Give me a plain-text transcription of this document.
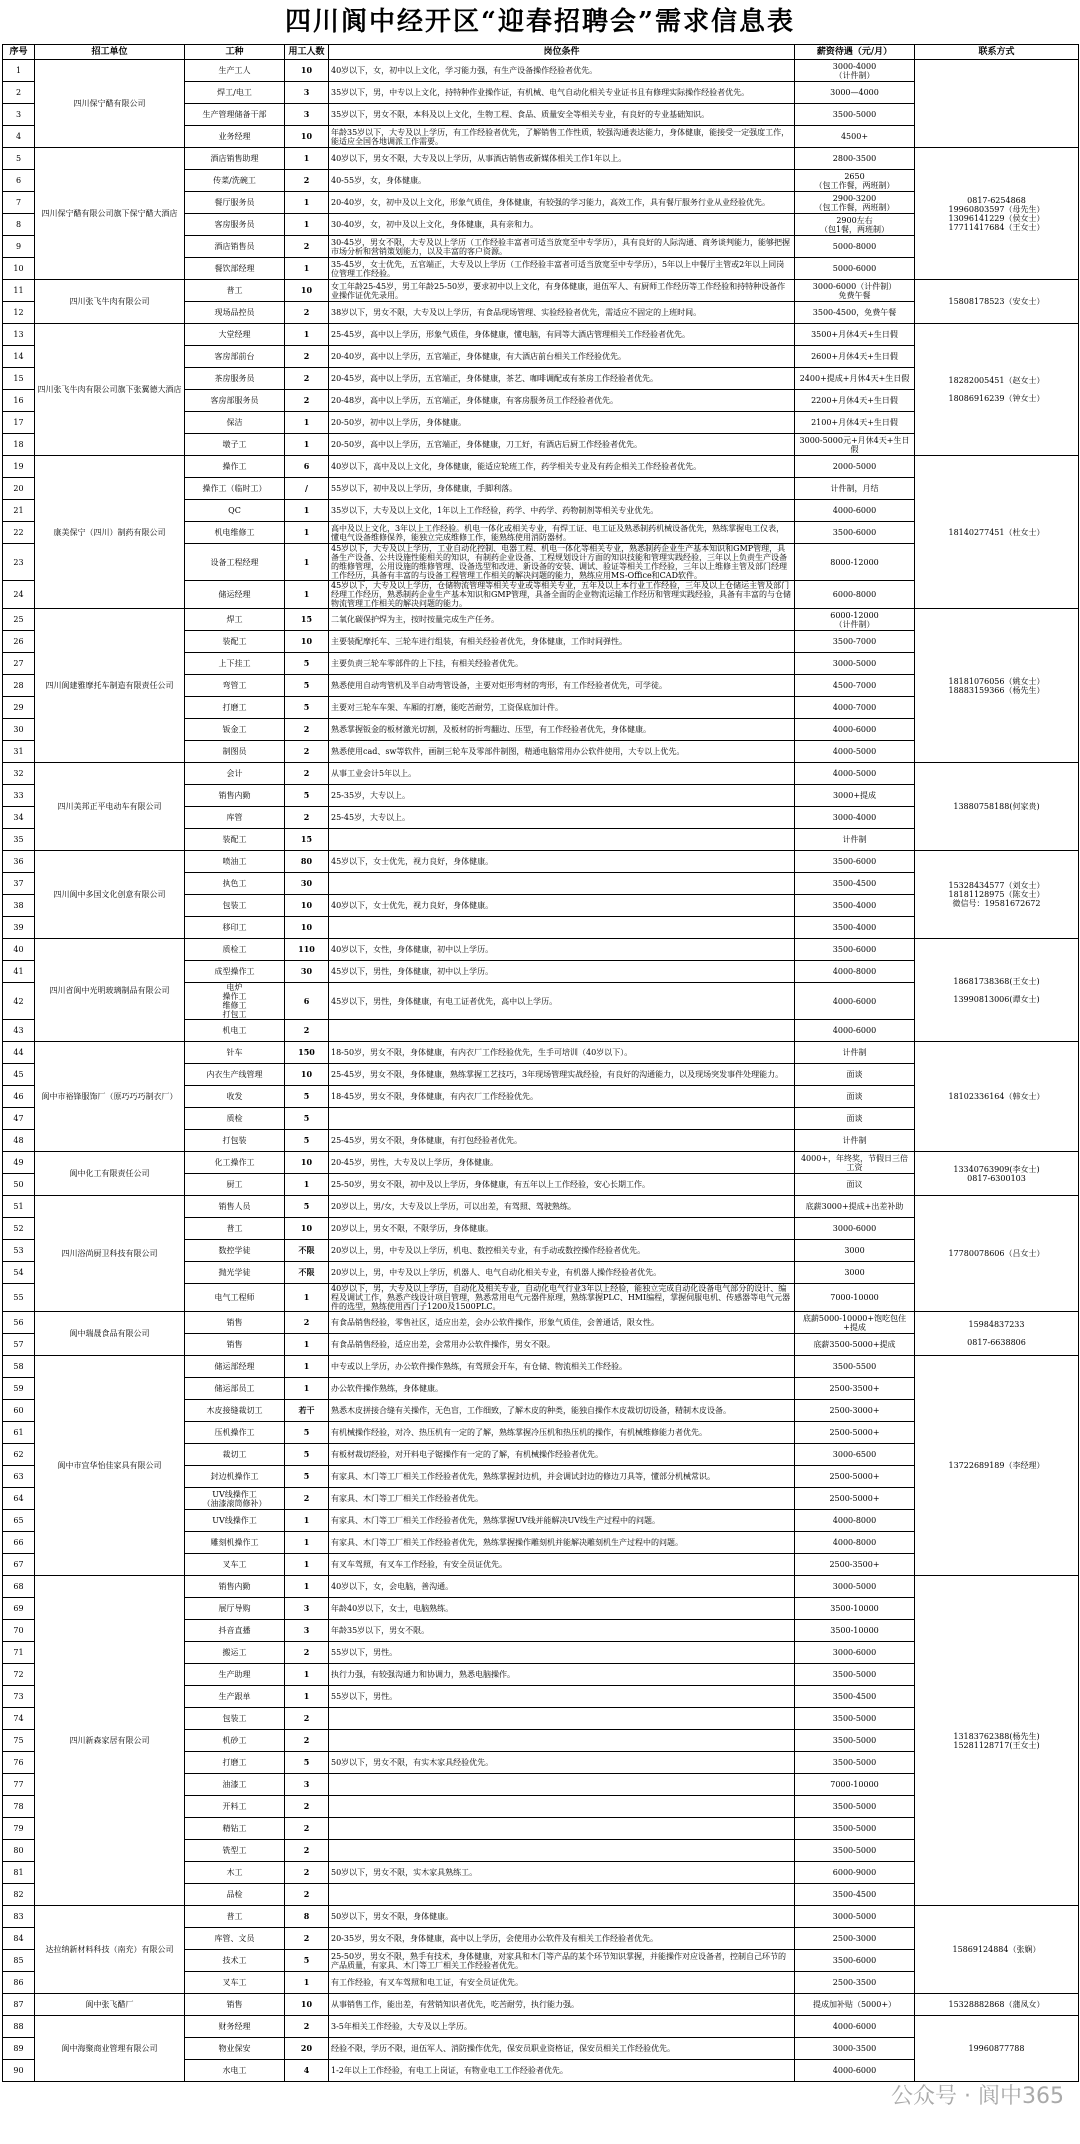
四川阆中经开区“迎春招聘会”需求信息表
序号	招工单位	工种	用工人数	岗位条件	薪资待遇（元/月）	联系方式
1	四川保宁醋有限公司	生产工人	10	40岁以下，女，初中以上文化，学习能力强，有生产设备操作经验者优先。	3000-4000
（计件制）	
2		焊工/电工	3	35岁以下，男，中专以上文化，持特种作业操作证，有机械、电气自动化相关专业证书且有修理实际操作经验者优先。	3000—4000	
3		生产管理储备干部	3	35岁以下，男女不限，本科及以上文化，生物工程、食品、质量安全等相关专业，有良好的专业基础知识。	3500-5000	
4		业务经理	10	年龄35岁以下，大专及以上学历，有工作经验者优先，了解销售工作性质，较强沟通表达能力，身体健康，能接受一定强度工作，能适应全国各地调派工作需要。	4500+	
5	四川保宁醋有限公司旗下保宁醋大酒店	酒店销售助理	1	40岁以下，男女不限，大专及以上学历，从事酒店销售或新媒体相关工作1年以上。	2800-3500	0817-6254868
19960803597（母先生）
13096141229（侯女士）
17711417684（王女士）
6		传菜/洗碗工	2	40-55岁，女，身体健康。	2650
（包工作餐，两班制）	
7		餐厅服务员	1	20-40岁，女，初中及以上文化，形象气质佳，身体健康，有较强的学习能力，高效工作，具有餐厅服务行业从业经验优先。	2900-3200
（包工作餐，两班制）	
8		客房服务员	1	30-40岁，女，初中及以上文化，身体健康，具有亲和力。	2900左右
（包1餐，两班制）	
9		酒店销售员	2	30-45岁，男女不限，大专及以上学历（工作经验丰富者可适当放宽至中专学历），具有良好的人际沟通、商务谈判能力，能够把握市场分析和营销策划能力，以及丰富的客户资源。	5000-8000	
10		餐饮部经理	1	35-45岁，女士优先，五官端正，大专及以上学历（工作经验丰富者可适当放宽至中专学历），5年以上中餐厅主管或2年以上同岗位管理工作经验。	5000-6000	
11	四川张飞牛肉有限公司	普工	10	女工年龄25-45岁，男工年龄25-50岁，要求初中以上文化，有身体健康，退伍军人、有厨师工作经历等工作经验和持特种设备作业操作证优先录用。	3000-6000（计件制）
免费午餐	15808178523（安女士）
12		现场品控员	2	38岁以下，男女不限，大专及以上学历，有食品现场管理、实验经验者优先，需适应不固定的上班时间。	3500-4500，免费午餐	
13	四川张飞牛肉有限公司旗下张翼德大酒店	大堂经理	1	25-45岁，高中以上学历，形象气质佳，身体健康，懂电脑，有同等大酒店管理相关工作经验者优先。	3500+月休4天+生日假	18282005451（赵女士）

18086916239（钟女士）
14		客房部前台	2	20-40岁，高中以上学历，五官端正，身体健康，有大酒店前台相关工作经验优先。	2600+月休4天+生日假	
15		茶房服务员	2	20-45岁，高中以上学历，五官端正，身体健康，茶艺、咖啡调配或有茶房工作经验者优先。	2400+提成+月休4天+生日假	
16		客房部服务员	2	20-48岁，高中以上学历，五官端正，身体健康，有客房服务员工作经验者优先。	2200+月休4天+生日假	
17		保洁	1	20-50岁，初中以上学历，身体健康。	2100+月休4天+生日假	
18		墩子工	1	20-50岁，高中以上学历，五官端正，身体健康，刀工好，有酒店后厨工作经验者优先。	3000-5000元+月休4天+生日假	
19	康美保宁（四川）制药有限公司	操作工	6	40岁以下，高中及以上文化，身体健康，能适应轮班工作，药学相关专业及有药企相关工作经验者优先。	2000-5000	18140277451（杜女士）
20		操作工（临时工）	/	55岁以下，初中及以上学历，身体健康，手脚利落。	计件制，月结	
21		QC	1	35岁以下，大专及以上文化，1年以上工作经验，药学、中药学、药物制剂等相关专业优先。	4000-6000	
22		机电维修工	1	高中及以上文化，3年以上工作经验。机电一体化或相关专业，有焊工证、电工证及熟悉制药机械设备优先，熟练掌握电工仪表，懂电气设备维修保养，能独立完成维修工作，能熟练使用消防器材。	3500-6000	
23		设备工程经理	1	45岁以下，大专及以上学历，工业自动化控制、电器工程、机电一体化等相关专业，熟悉制药企业生产基本知识和GMP管理，具备生产设备、公共设施性能相关的知识，有制药企业设备、工程规划设计方面的知识技能和管理实践经验，三年以上负责生产设备的维修管理，公用设施的维修管理、设备选型和改进、新设备的安装、调试、验证等相关工作经验，三年以上维修主管及部门经理工作经历，具备有丰富的与设备工程管理工作相关的解决问题的能力，熟练应用MS-Office和CAD软件。	8000-12000	
24		储运经理	1	45岁以下，大专及以上学历，仓储物流管理等相关专业或等相关专业，五年及以上本行业工作经验，三年及以上仓储运主管及部门经理工作经历，熟悉制药企业生产基本知识和GMP管理，具备全面的企业物流运输工作经历和管理实践经验，具备有丰富的与仓储物流管理工作相关的解决问题的能力。	6000-8000	
25	四川阆建雅摩托车制造有限责任公司	焊工	15	二氧化碳保护焊为主，按时按量完成生产任务。	6000-12000
（计件制）	18181076056（姚女士）
18883159366（杨先生）
26		装配工	10	主要装配摩托车、三轮车进行组装，有相关经验者优先，身体健康，工作时间弹性。	3500-7000	
27		上下挂工	5	主要负责三轮车零部件的上下挂，有相关经验者优先。	3000-5000	
28		弯管工	5	熟悉使用自动弯管机及半自动弯管设备，主要对炬形弯材的弯形，有工作经验者优先，可学徒。	4500-7000	
29		打磨工	5	主要对三轮车车架、车厢的打磨，能吃苦耐劳，工资保底加计件。	4000-7000	
30		钣金工	2	熟悉掌握钣金的板材激光切割，及板材的折弯翻边、压型，有工作经验者优先，身体健康。	4000-6000	
31		制图员	2	熟悉使用cad、sw等软件，画制三轮车及零部件制图，精通电脑常用办公软件使用，大专以上优先。	4000-5000	
32	四川美邦正平电动车有限公司	会计	2	从事工业会计5年以上。	4000-5000	13880758188(何家贵)
33		销售内勤	5	25-35岁，大专以上。	3000+提成	
34		库管	2	25-45岁，大专以上。	3000-4000	
35		装配工	15		计件制	
36	四川阆中多国文化创意有限公司	喷油工	80	45岁以下，女士优先，视力良好，身体健康。	3500-6000	15328434577（刘女士）
18181128975（陈女士）
微信号：19581672672
37		执色工	30		3500-4500	
38		包装工	10	40岁以下，女士优先，视力良好，身体健康。	3500-4000	
39		移印工	10		3500-4000	
40	四川省阆中光明玻璃制品有限公司	质检工	110	40岁以下，女性，身体健康，初中以上学历。	3500-6000	18681738368(王女士)

13990813006(谭女士)
41		成型操作工	30	45岁以下，男性，身体健康，初中以上学历。	4000-8000	
42		电炉
操作工
维修工
打包工	6	45岁以下，男性，身体健康，有电工证者优先，高中以上学历。	4000-6000	
43		机电工	2		4000-6000	
44	阆中市裕锋服饰厂（原巧巧巧制衣厂）	针车	150	18-50岁，男女不限，身体健康，有内衣厂工作经验优先，生手可培训（40岁以下）。	计件制	18102336164（韩女士）
45		内衣生产线管理	10	25-45岁，男女不限，身体健康，熟练掌握工艺技巧，3年现场管理实战经验，有良好的沟通能力，以及现场突发事件处理能力。	面谈	
46		收发	5	18-45岁，男女不限，身体健康，有内衣厂工作经验优先。	面谈	
47		质检	5		面谈	
48		打包装	5	25-45岁，男女不限，身体健康，有打包经验者优先。	计件制	
49	阆中化工有限责任公司	化工操作工	10	20-45岁，男性，大专及以上学历，身体健康。	4000+，年终奖，节假日三倍工资	13340763909(李女士)
0817-6300103
50		厨工	1	25-50岁，男女不限，初中及以上学历，身体健康，有五年以上工作经验，安心长期工作。	面议	
51	四川浴尚厨卫科技有限公司	销售人员	5	20岁以上，男/女，大专及以上学历，可以出差，有驾照、驾驶熟练。	底薪3000+提成+出差补助	17780078606（吕女士）
52		普工	10	20岁以上，男女不限，不限学历，身体健康。	3000-6000	
53		数控学徒	不限	20岁以上，男，中专及以上学历，机电、数控相关专业，有手动或数控操作经验者优先。	3000	
54		抛光学徒	不限	20岁以上，男，中专及以上学历，机器人、电气自动化相关专业，有机器人操作经验者优先。	3000	
55		电气工程师	1	40岁以下，男，大专及以上学历，自动化及相关专业，自动化电气行业3年以上经验，能独立完成自动化设备电气部分的设计、编程及调试工作，熟悉产线设计项目管理，熟悉常用电气元器件原理，熟练掌握PLC、HMI编程，掌握伺服电机、传感器等电气元器件的选型，熟练使用西门子1200及1500PLC。	7000-10000	
56	阆中瑞晟食品有限公司	销售	2	有食品销售经验，零售社区，适应出差，会办公软件操作，形象气质佳，会普通话，限女性。	底薪5000-10000+饱吃包住+提成	15984837233

0817-6638806
57		销售	1	有食品销售经验，适应出差，会常用办公软件操作，男女不限。	底薪3500-5000+提成	
58	阆中市宜华怡佳家具有限公司	储运部经理	1	中专或以上学历，办公软件操作熟练，有驾照会开车，有仓储、物流相关工作经验。	3500-5500	13722689189（李经理）
59		储运部员工	1	办公软件操作熟练，身体健康。	2500-3500+	
60		木皮接缝裁切工	若干	熟悉木皮拼接合缝有关操作，无色盲，工作细致，了解木皮的种类，能独自操作木皮裁切切设备，精制木皮设备。	2500-3000+	
61		压机操作工	5	有机械操作经验，对冷、热压机有一定的了解，熟练掌握冷压机和热压机的操作，有机械维修能力者优先。	2500-5000+	
62		裁切工	5	有板材裁切经验，对开料电子锯操作有一定的了解，有机械操作经验者优先。	3000-6500	
63		封边机操作工	5	有家具、木门等工厂相关工作经验者优先，熟练掌握封边机，并会调试封边的修边刀具等，懂部分机械常识。	2500-5000+	
64		UV线操作工
（油漆滚筒修补）	2	有家具、木门等工厂相关工作经验者优先。	2500-5000+	
65		UV线操作工	1	有家具、木门等工厂相关工作经验者优先，熟练掌握UV线并能解决UV线生产过程中的问题。	4000-8000	
66		雕刻机操作工	1	有家具、木门等工厂相关工作经验者优先，熟练掌握操作雕刻机并能解决雕刻机生产过程中的问题。	4000-8000	
67		叉车工	1	有叉车驾照，有叉车工作经验，有安全员证优先。	2500-3500+	
68	四川新森家居有限公司	销售内勤	1	40岁以下，女，会电脑，善沟通。	3000-5000	13183762388(杨先生)
15281128717(王女士)
69		展厅导购	3	年龄40岁以下，女士，电脑熟练。	3500-10000	
70		抖音直播	3	年龄35岁以下，男女不限。	3500-10000	
71		搬运工	2	55岁以下，男性。	3000-6000	
72		生产助理	1	执行力强，有较强沟通力和协调力，熟悉电脑操作。	3500-5000	
73		生产跟单	1	55岁以下，男性。	3500-4500	
74		包装工	2		3500-5000	
75		机砂工	2		3500-5000	
76		打磨工	5	50岁以下，男女不限，有实木家具经验优先。	3500-5000	
77		油漆工	3		7000-10000	
78		开料工	2		3500-5000	
79		精钻工	2		3500-5000	
80		铣型工	2		3500-5000	
81		木工	2	50岁以下，男女不限，实木家具熟练工。	6000-9000	
82		品检	2		3500-4500	
83	达拉纳新材料科技（南充）有限公司	普工	8	50岁以下，男女不限，身体健康。	3000-5000	15869124884（张娴）
84		库管、文员	2	20-35岁，男女不限，身体健康，高中以上学历，会使用办公软件及有相关工作经验者优先。	2500-3000	
85		技术工	5	25-50岁，男女不限，熟手有技术，身体健康，对家具和木门等产品的某个环节知识掌握，并能操作对应设备者，控制自己环节的产品质量，有家具、木门等工厂相关工作经验者优先。	3500-6000	
86		叉车工	1	有工作经验，有叉车驾照和电工证，有安全员证优先。	2500-3500	
87	阆中张飞醋厂	销售	10	从事销售工作，能出差，有营销知识者优先，吃苦耐劳，执行能力强。	提成加补贴（5000+）	15328882868（蒲凤女）
88	阆中海聚商业管理有限公司	财务经理	2	3-5年相关工作经验，大专及以上学历。	4000-6000	19960877788
89		物业保安	20	经验不限，学历不限，退伍军人、消防操作优先，保安员职业资格证，保安员相关工作经验优先。	3000-3500	
90		水电工	4	1-2年以上工作经验，有电工上岗证，有物业电工工作经验者优先。	4000-6000	
公众号 · 阆中365
